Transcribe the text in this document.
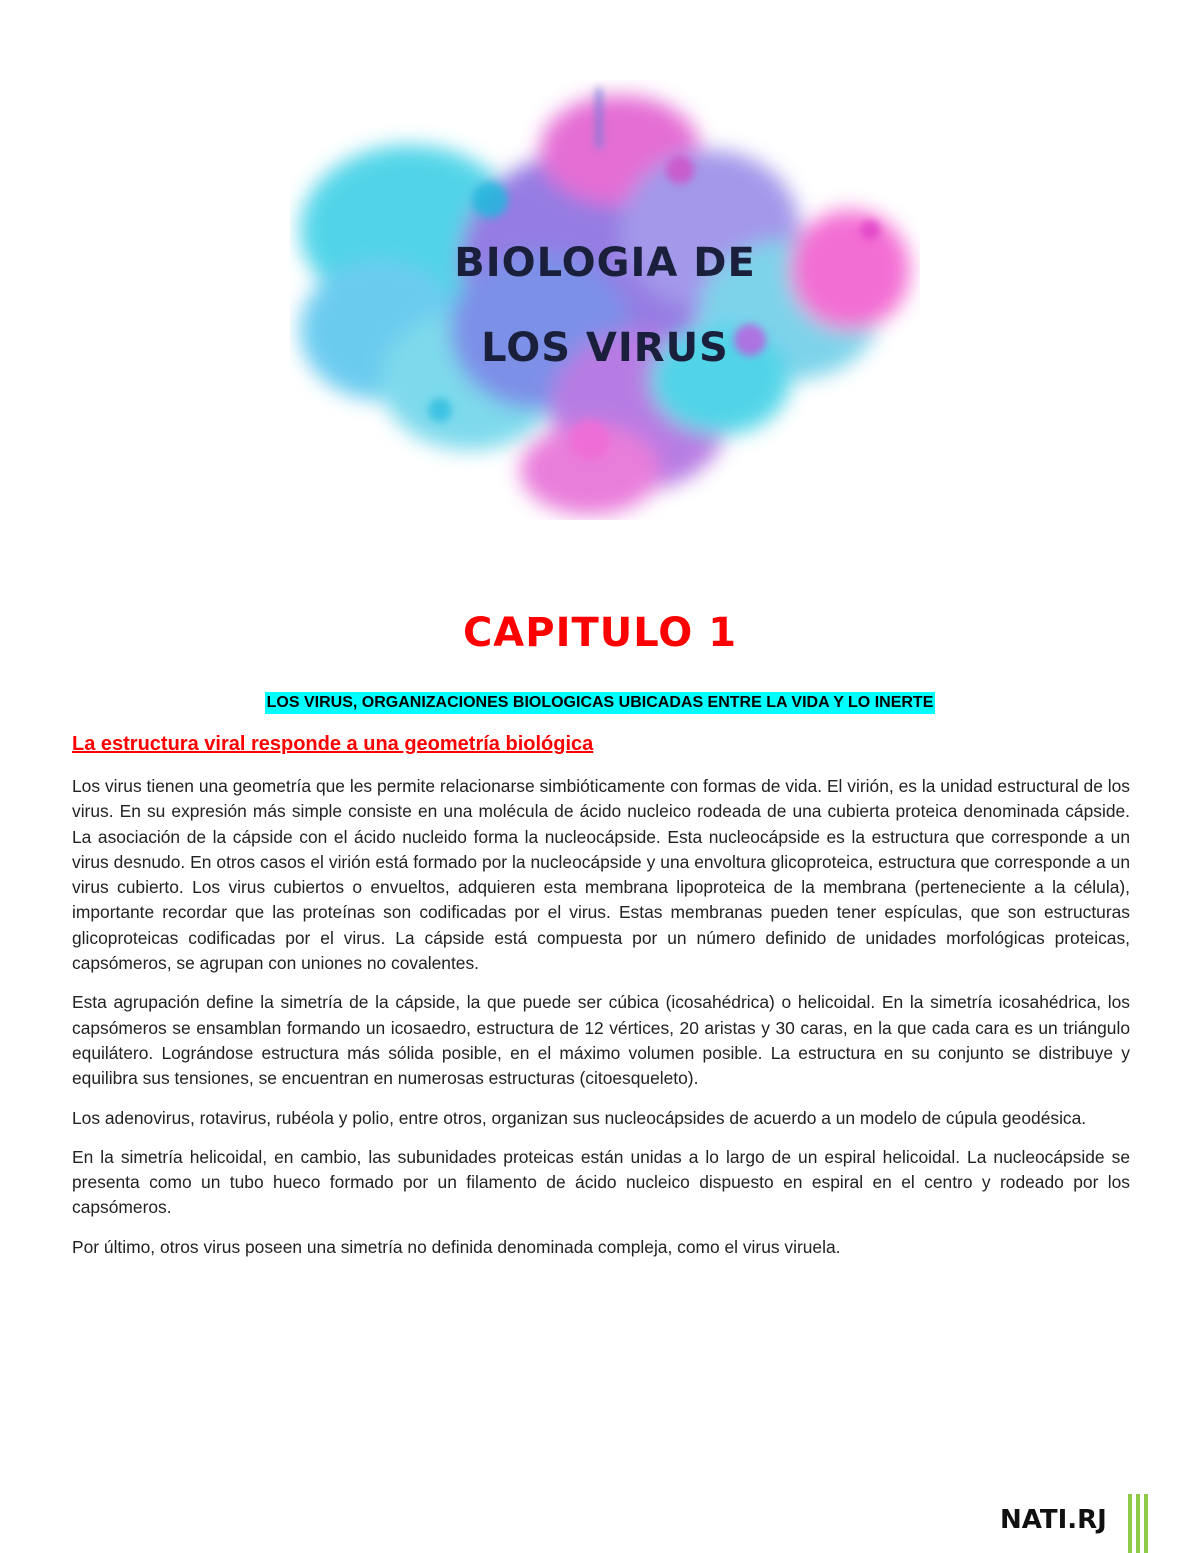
BIOLOGIA DE
LOS VIRUS
CAPITULO 1
LOS VIRUS, ORGANIZACIONES BIOLOGICAS UBICADAS ENTRE LA VIDA Y LO INERTE
La estructura viral responde a una geometría biológica

Los virus tienen una geometría que les permite relacionarse simbióticamente con formas de vida. El virión, es la unidad estructural de los virus. En su expresión más simple consiste en una molécula de ácido nucleico rodeada de una cubierta proteica denominada cápside. La asociación de la cápside con el ácido nucleido forma la nucleocápside. Esta nucleocápside es la estructura que corresponde a un virus desnudo. En otros casos el virión está formado por la nucleocápside y una envoltura glicoproteica, estructura que corresponde a un virus cubierto. Los virus cubiertos o envueltos, adquieren esta membrana lipoproteica de la membrana (perteneciente a la célula), importante recordar que las proteínas son codificadas por el virus. Estas membranas pueden tener espículas, que son estructuras glicoproteicas codificadas por el virus. La cápside está compuesta por un número definido de unidades morfológicas proteicas, capsómeros, se agrupan con uniones no covalentes.

Esta agrupación define la simetría de la cápside, la que puede ser cúbica (icosahédrica) o helicoidal. En la simetría icosahédrica, los capsómeros se ensamblan formando un icosaedro, estructura de 12 vértices, 20 aristas y 30 caras, en la que cada cara es un triángulo equilátero. Lográndose estructura más sólida posible, en el máximo volumen posible. La estructura en su conjunto se distribuye y equilibra sus tensiones, se encuentran en numerosas estructuras (citoesqueleto).

Los adenovirus, rotavirus, rubéola y polio, entre otros, organizan sus nucleocápsides de acuerdo a un modelo de cúpula geodésica.

En la simetría helicoidal, en cambio, las subunidades proteicas están unidas a lo largo de un espiral helicoidal. La nucleocápside se presenta como un tubo hueco formado por un filamento de ácido nucleico dispuesto en espiral en el centro y rodeado por los capsómeros.

Por último, otros virus poseen una simetría no definida denominada compleja, como el virus viruela.

NATI.RJ
